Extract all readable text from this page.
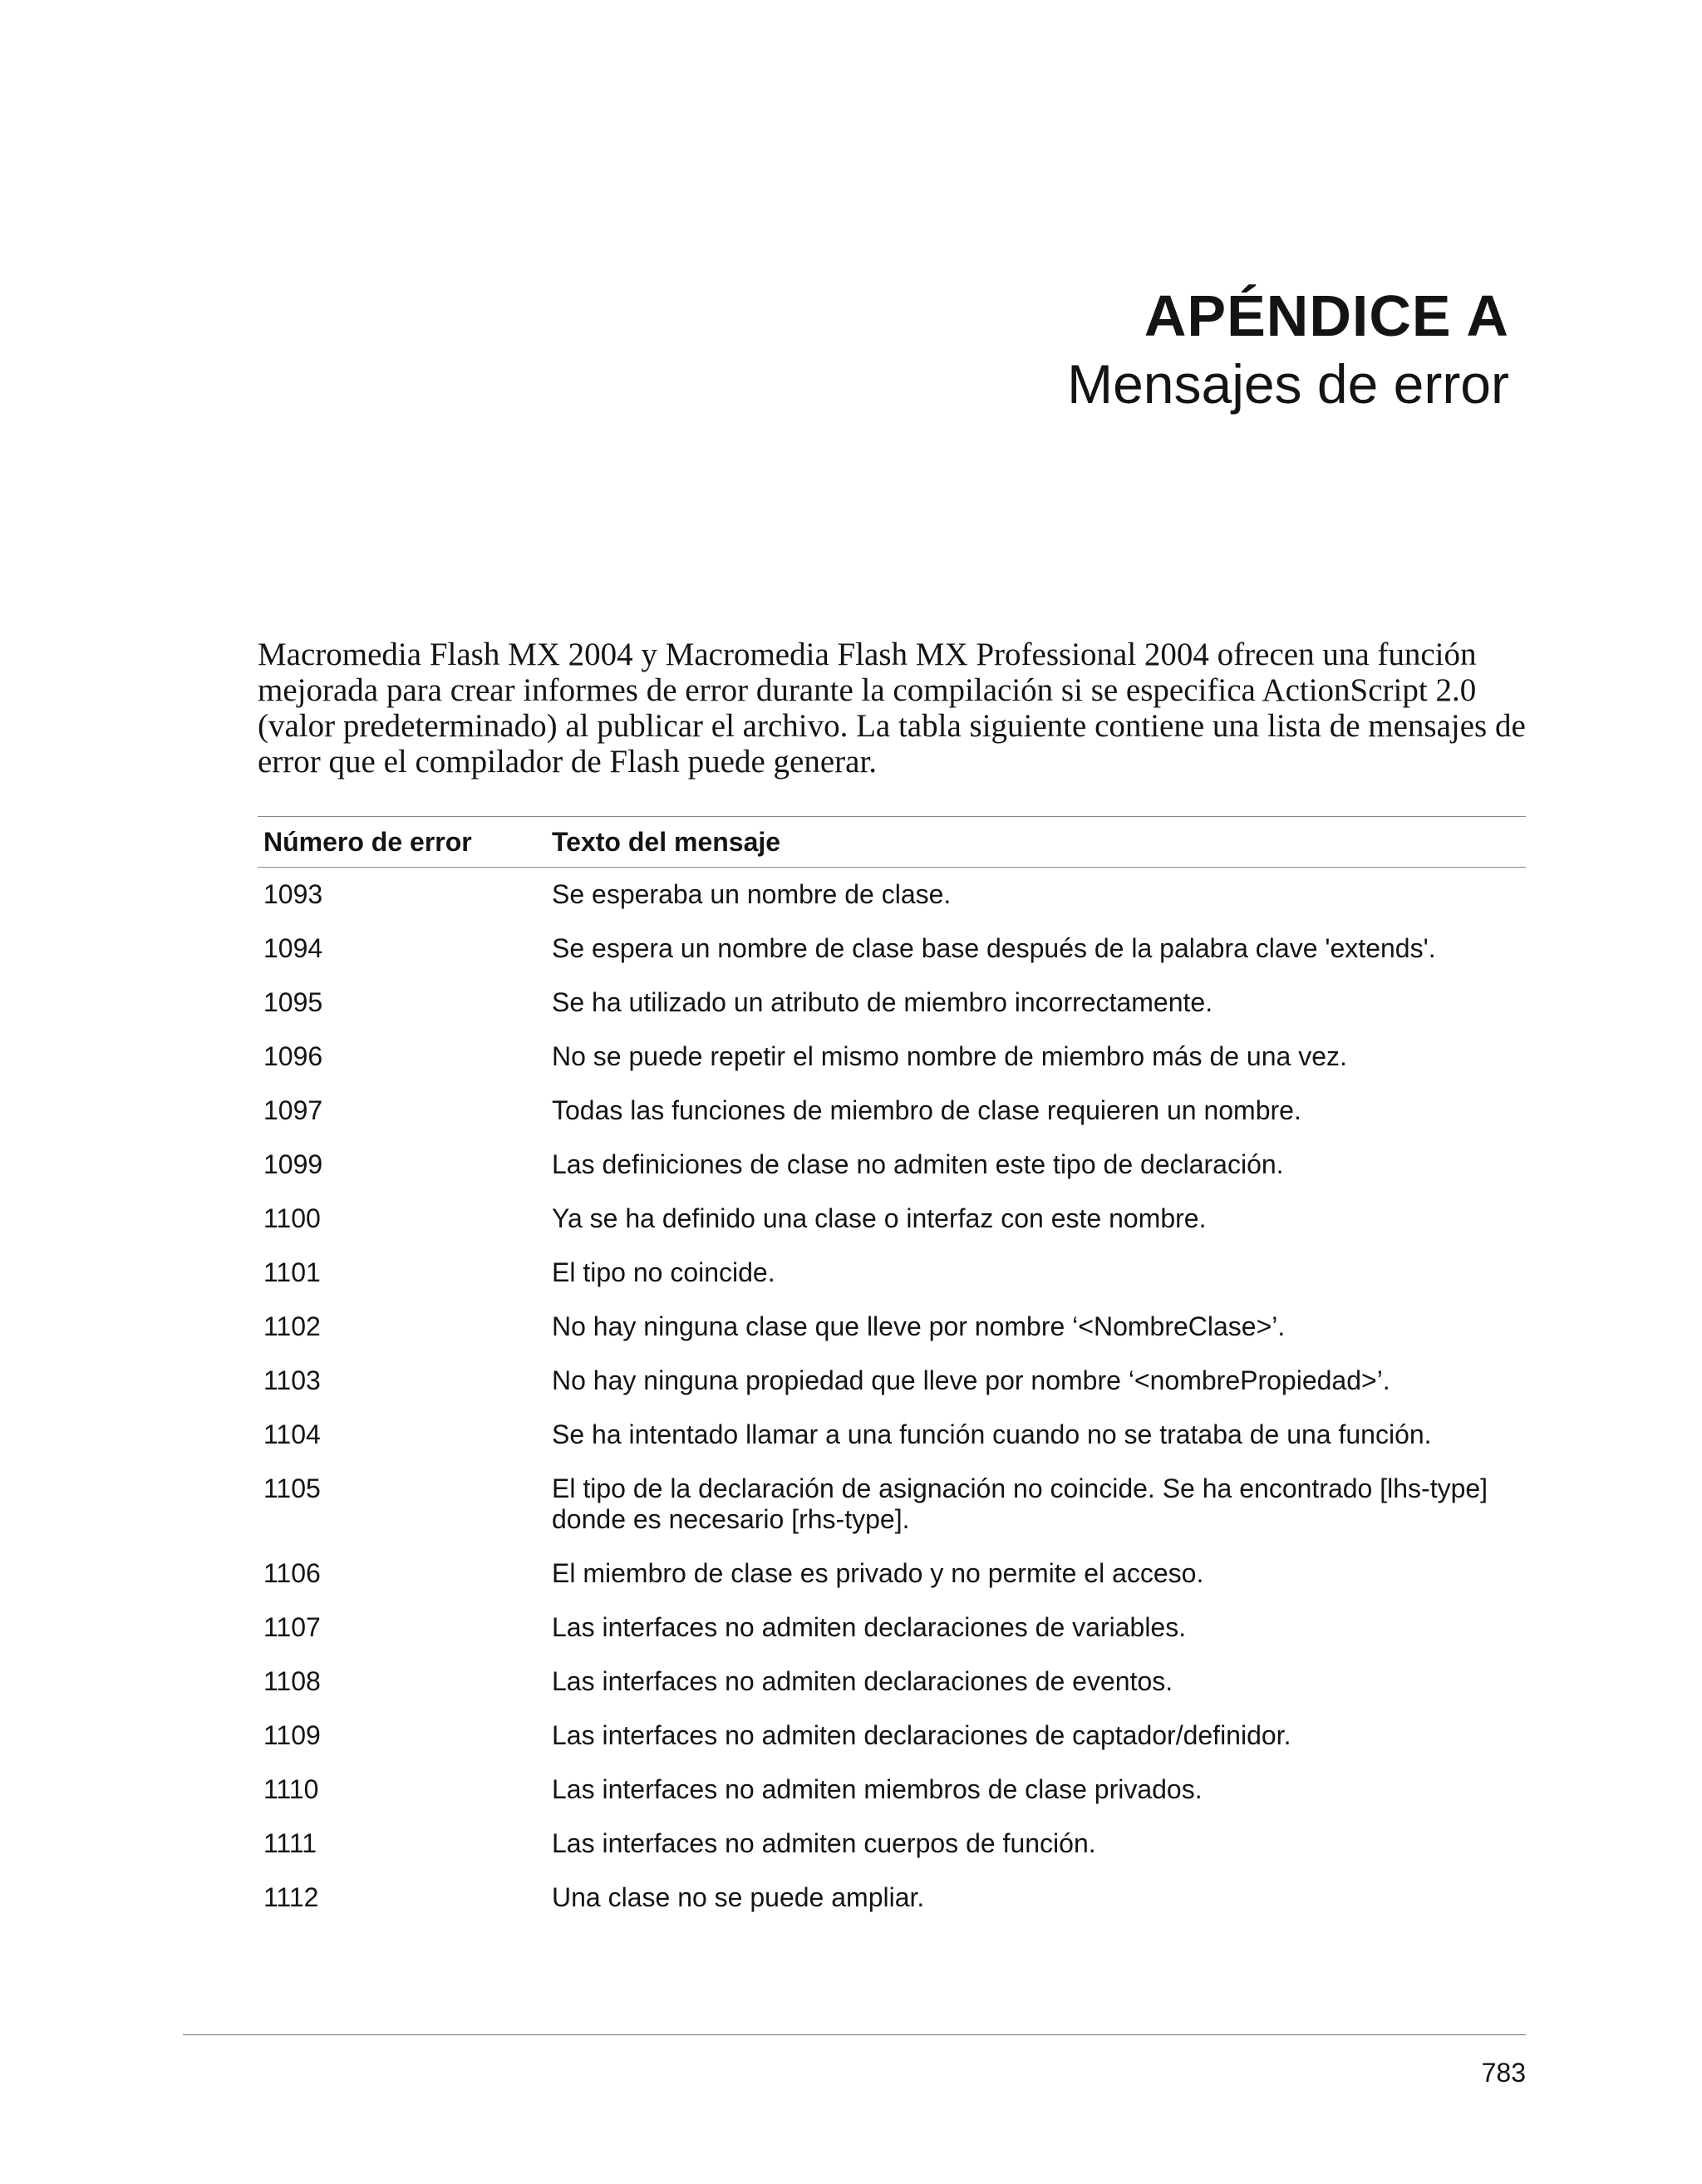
APÉNDICE A
Mensajes de error

Macromedia Flash MX 2004 y Macromedia Flash MX Professional 2004 ofrecen una función mejorada para crear informes de error durante la compilación si se especifica ActionScript 2.0 (valor predeterminado) al publicar el archivo. La tabla siguiente contiene una lista de mensajes de error que el compilador de Flash puede generar.

Número de error	Texto del mensaje
1093	Se esperaba un nombre de clase.
1094	Se espera un nombre de clase base después de la palabra clave 'extends'.
1095	Se ha utilizado un atributo de miembro incorrectamente.
1096	No se puede repetir el mismo nombre de miembro más de una vez.
1097	Todas las funciones de miembro de clase requieren un nombre.
1099	Las definiciones de clase no admiten este tipo de declaración.
1100	Ya se ha definido una clase o interfaz con este nombre.
1101	El tipo no coincide.
1102	No hay ninguna clase que lleve por nombre ‘<NombreClase>’.
1103	No hay ninguna propiedad que lleve por nombre ‘<nombrePropiedad>’.
1104	Se ha intentado llamar a una función cuando no se trataba de una función.
1105	El tipo de la declaración de asignación no coincide. Se ha encontrado [lhs-type] donde es necesario [rhs-type].
1106	El miembro de clase es privado y no permite el acceso.
1107	Las interfaces no admiten declaraciones de variables.
1108	Las interfaces no admiten declaraciones de eventos.
1109	Las interfaces no admiten declaraciones de captador/definidor.
1110	Las interfaces no admiten miembros de clase privados.
1111	Las interfaces no admiten cuerpos de función.
1112	Una clase no se puede ampliar.
783
